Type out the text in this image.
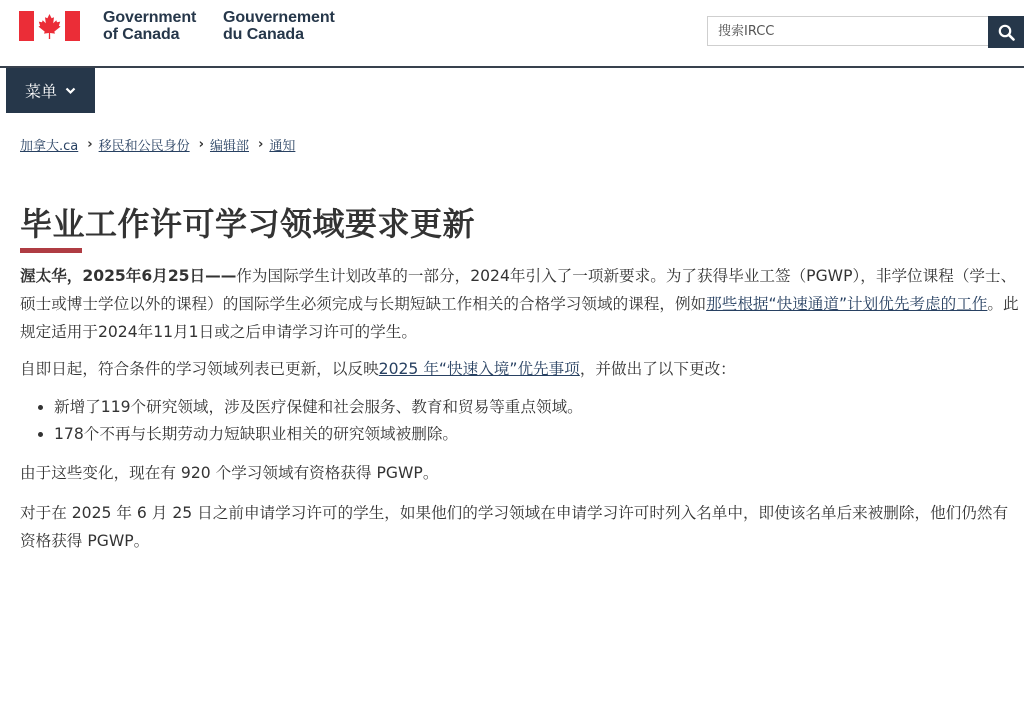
Government
of Canada
Gouvernement
du Canada
搜索IRCC
菜单
加拿大.ca › 移民和公民身份 › 编辑部 › 通知
毕业工作许可学习领域要求更新

渥太华，2025年6月25日——作为国际学生计划改革的一部分，2024年引入了一项新要求。为了获得毕业工签（PGWP），非学位课程（学士、硕士或博士学位以外的课程）的国际学生必须完成与长期短缺工作相关的合格学习领域的课程，例如那些根据“快速通道”计划优先考虑的工作。此规定适用于2024年11月1日或之后申请学习许可的学生。

自即日起，符合条件的学习领域列表已更新，以反映2025 年“快速入境”优先事项，并做出了以下更改：

• 新增了119个研究领域，涉及医疗保健和社会服务、教育和贸易等重点领域。
• 178个不再与长期劳动力短缺职业相关的研究领域被删除。

由于这些变化，现在有 920 个学习领域有资格获得 PGWP。

对于在 2025 年 6 月 25 日之前申请学习许可的学生，如果他们的学习领域在申请学习许可时列入名单中，即使该名单后来被删除，他们仍然有资格获得 PGWP。
